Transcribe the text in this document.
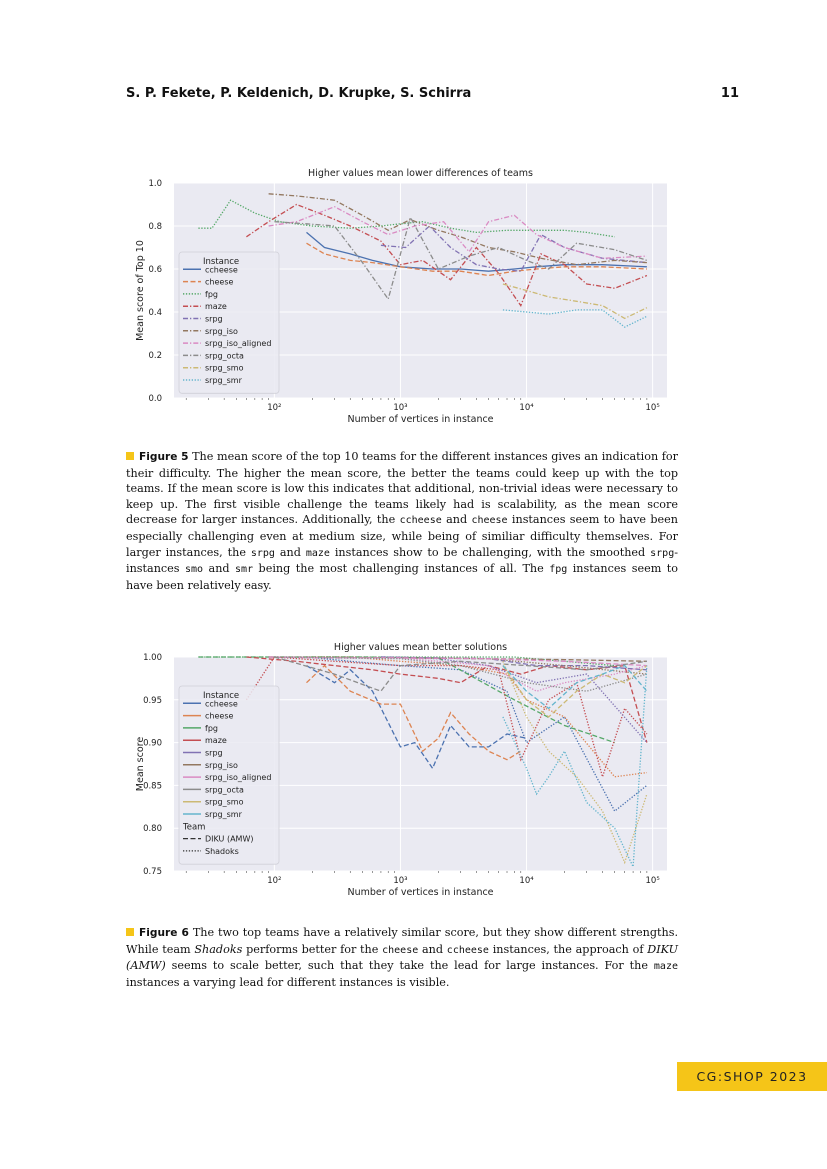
S. P. Fekete, P. Keldenich, D. Krupke, S. Schirra	11
0.0
0.2
0.4
0.6
0.8
1.0
10²	10³	10⁴	10⁵
Higher values mean lower differences of teams
Number of vertices in instance
Mean score of Top 10	Instance
ccheese
cheese
fpg
maze
srpg
srpg_iso
srpg_iso_aligned
srpg_octa
srpg_smo
srpg_smr
Figure 5 The mean score of the top 10 teams for the different instances gives an indication for their difficulty. The higher the mean score, the better the teams could keep up with the top teams. If the mean score is low this indicates that additional, non-trivial ideas were necessary to keep up. The first visible challenge the teams likely had is scalability, as the mean score decrease for larger instances. Additionally, the ccheese and cheese instances seem to have been especially challenging even at medium size, while being of similiar difficulty themselves. For larger instances, the srpg and maze instances show to be challenging, with the smoothed srpg-instances smo and smr being the most challenging instances of all. The fpg instances seem to have been relatively easy.
0.75
0.80
0.85
0.90
0.95
1.00
10²	10³	10⁴	10⁵
Higher values mean better solutions
Number of vertices in instance
Mean score
Instance
ccheese
cheese
fpg
maze
srpg
srpg_iso
srpg_iso_aligned
srpg_octa
srpg_smo
srpg_smr
Team
DIKU (AMW)
Shadoks
Figure 6 The two top teams have a relatively similar score, but they show different strengths. While team Shadoks performs better for the cheese and ccheese instances, the approach of DIKU (AMW) seems to scale better, such that they take the lead for large instances. For the maze instances a varying lead for different instances is visible.
CG:SHOP 2023
